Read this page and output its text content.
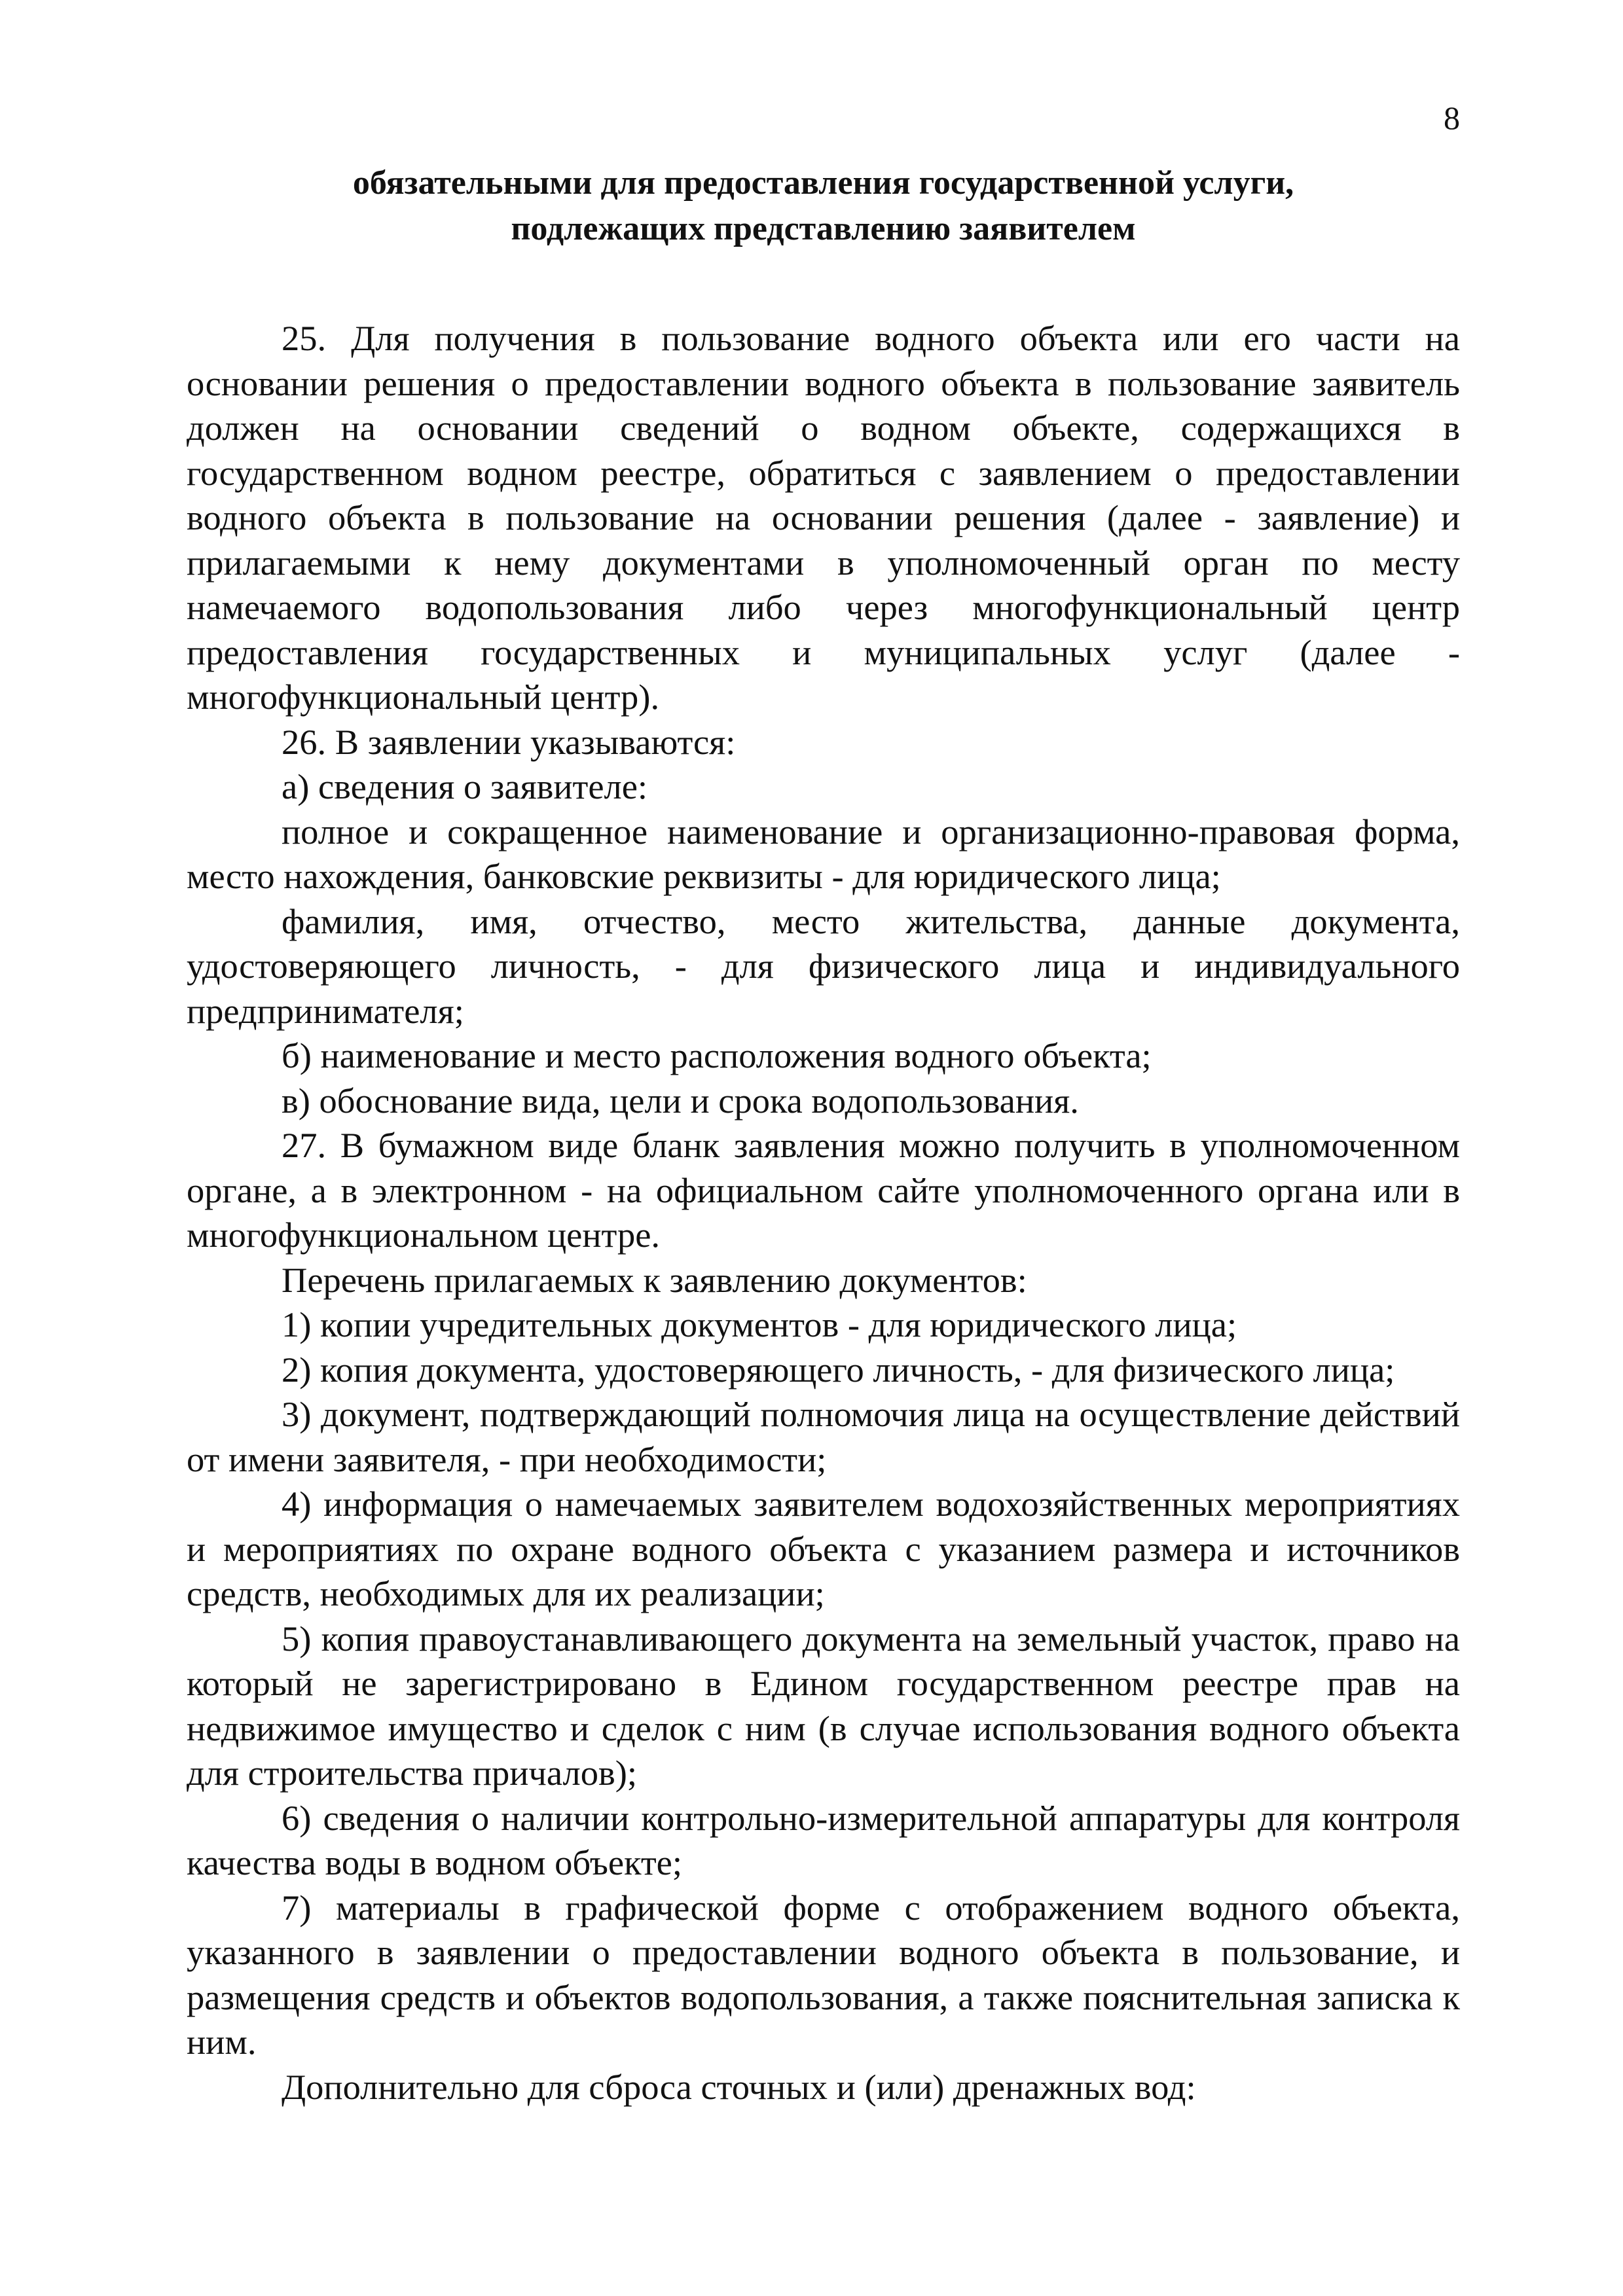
8

обязательными для предоставления государственной услуги,
подлежащих представлению заявителем

25. Для получения в пользование водного объекта или его части на основании решения о предоставлении водного объекта в пользование заявитель должен на основании сведений о водном объекте, содержащихся в государственном водном реестре, обратиться с заявлением о предоставлении водного объекта в пользование на основании решения (далее - заявление) и прилагаемыми к нему документами в уполномоченный орган по месту намечаемого водопользования либо через многофункциональный центр предоставления государственных и муниципальных услуг (далее - многофункциональный центр).

26. В заявлении указываются:

а) сведения о заявителе:

полное и сокращенное наименование и организационно-правовая форма, место нахождения, банковские реквизиты - для юридического лица;

фамилия, имя, отчество, место жительства, данные документа, удостоверяющего личность, - для физического лица и индивидуального предпринимателя;

б) наименование и место расположения водного объекта;

в) обоснование вида, цели и срока водопользования.

27. В бумажном виде бланк заявления можно получить в уполномоченном органе, а в электронном - на официальном сайте уполномоченного органа или в многофункциональном центре.

Перечень прилагаемых к заявлению документов:

1) копии учредительных документов - для юридического лица;

2) копия документа, удостоверяющего личность, - для физического лица;

3) документ, подтверждающий полномочия лица на осуществление действий от имени заявителя, - при необходимости;

4) информация о намечаемых заявителем водохозяйственных мероприятиях и мероприятиях по охране водного объекта с указанием размера и источников средств, необходимых для их реализации;

5) копия правоустанавливающего документа на земельный участок, право на который не зарегистрировано в Едином государственном реестре прав на недвижимое имущество и сделок с ним (в случае использования водного объекта для строительства причалов);

6) сведения о наличии контрольно-измерительной аппаратуры для контроля качества воды в водном объекте;

7) материалы в графической форме с отображением водного объекта, указанного в заявлении о предоставлении водного объекта в пользование, и размещения средств и объектов водопользования, а также пояснительная записка к ним.

Дополнительно для сброса сточных и (или) дренажных вод:
